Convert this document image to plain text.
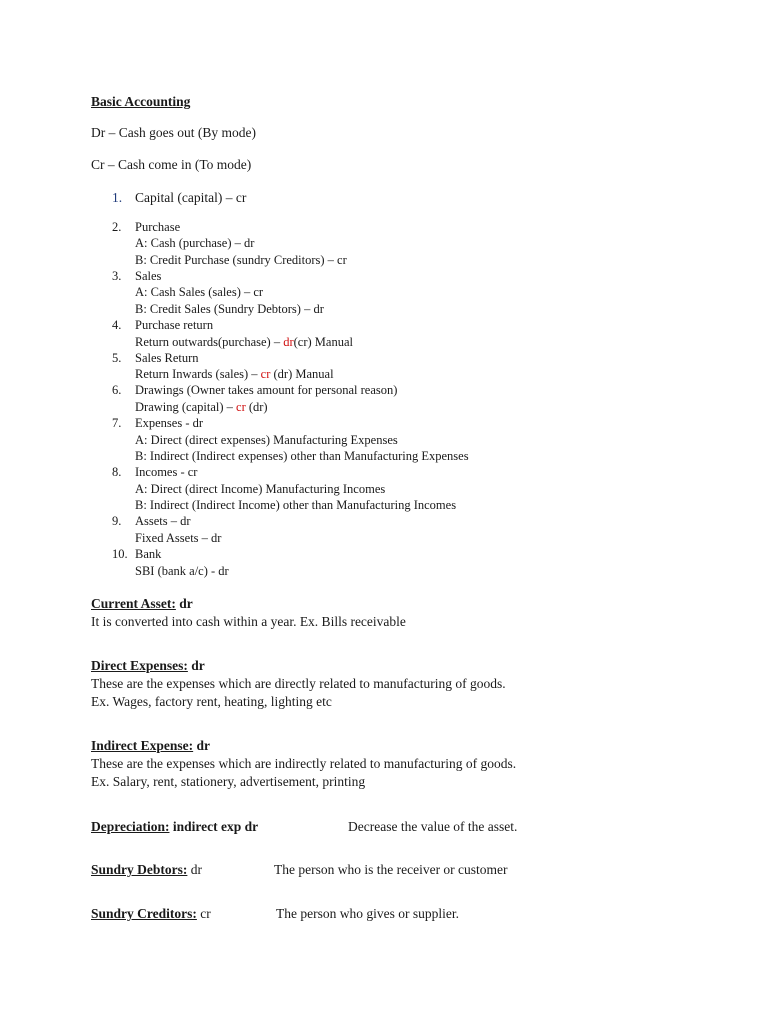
Basic Accounting
Dr – Cash goes out (By mode)
Cr – Cash come in (To mode)
1. Capital (capital) – cr
2. Purchase
A: Cash (purchase) – dr
B: Credit Purchase (sundry Creditors) – cr
3. Sales
A: Cash Sales (sales) – cr
B: Credit Sales (Sundry Debtors) – dr
4. Purchase return
Return outwards(purchase) – dr(cr) Manual
5. Sales Return
Return Inwards (sales) – cr (dr) Manual
6. Drawings (Owner takes amount for personal reason)
Drawing (capital) – cr (dr)
7. Expenses - dr
A: Direct (direct expenses) Manufacturing Expenses
B: Indirect (Indirect expenses) other than Manufacturing Expenses
8. Incomes - cr
A: Direct (direct Income) Manufacturing Incomes
B: Indirect (Indirect Income) other than Manufacturing Incomes
9. Assets – dr
Fixed Assets – dr
10. Bank
SBI (bank a/c) - dr
Current Asset: dr
It is converted into cash within a year. Ex. Bills receivable
Direct Expenses: dr
These are the expenses which are directly related to manufacturing of goods.
Ex. Wages, factory rent, heating, lighting etc
Indirect Expense: dr
These are the expenses which are indirectly related to manufacturing of goods.
Ex. Salary, rent, stationery, advertisement, printing
Depreciation: indirect exp dr	Decrease the value of the asset.
Sundry Debtors: dr	The person who is the receiver or customer
Sundry Creditors: cr	The person who gives or supplier.
